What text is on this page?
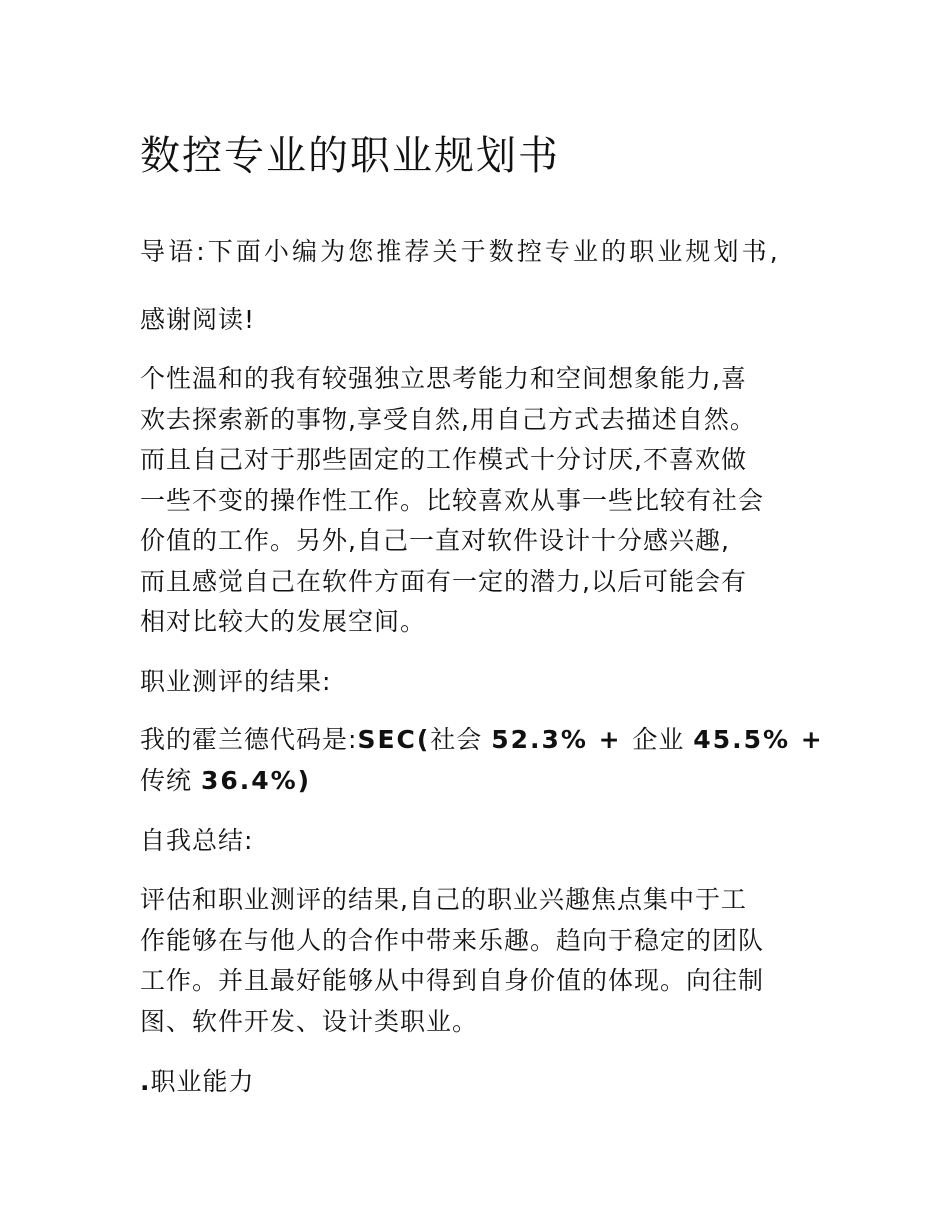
数控专业的职业规划书

导语:下面小编为您推荐关于数控专业的职业规划书,

感谢阅读!

个性温和的我有较强独立思考能力和空间想象能力,喜
欢去探索新的事物,享受自然,用自己方式去描述自然。
而且自己对于那些固定的工作模式十分讨厌,不喜欢做
一些不变的操作性工作。比较喜欢从事一些比较有社会
价值的工作。另外,自己一直对软件设计十分感兴趣,
而且感觉自己在软件方面有一定的潜力,以后可能会有
相对比较大的发展空间。

职业测评的结果:

我的霍兰德代码是:SEC(社会 52.3% + 企业 45.5% +
传统 36.4%)

自我总结:

评估和职业测评的结果,自己的职业兴趣焦点集中于工
作能够在与他人的合作中带来乐趣。趋向于稳定的团队
工作。并且最好能够从中得到自身价值的体现。向往制
图、软件开发、设计类职业。

.职业能力
